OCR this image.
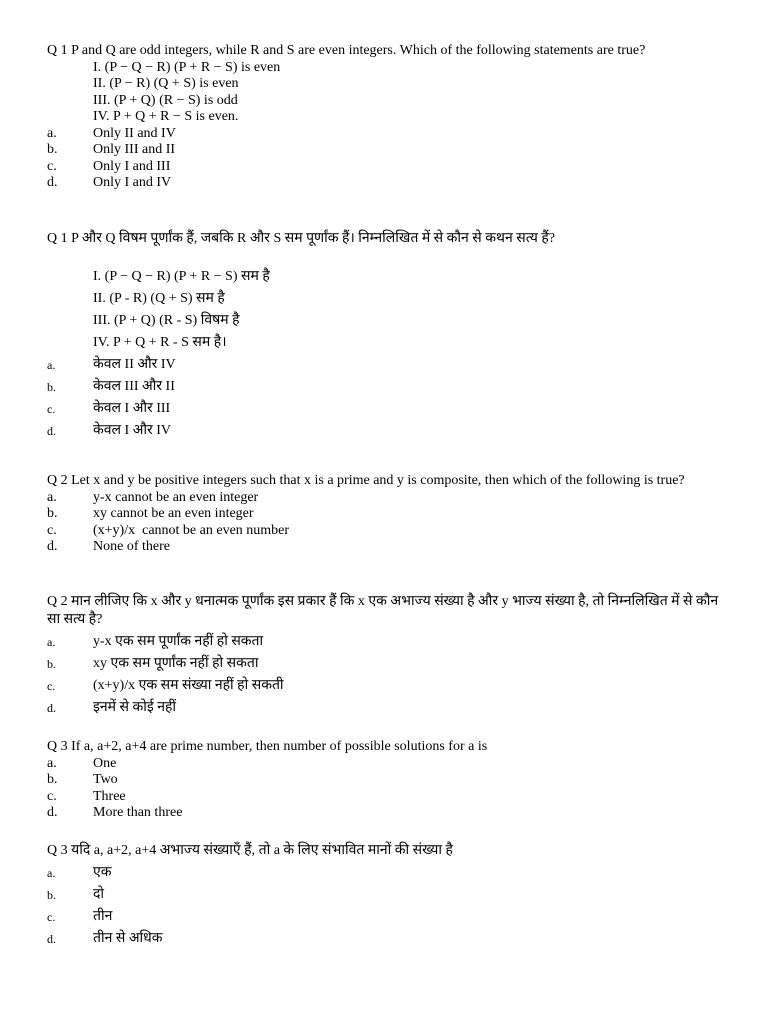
Q 1 P and Q are odd integers, while R and S are even integers. Which of the following statements are true?

I. (P − Q − R) (P + R − S) is even
II. (P − R) (Q + S) is even
III. (P + Q) (R − S) is odd
IV. P + Q + R − S is even.
a.	Only II and IV
b.	Only III and II
c.	Only I and III
d.	Only I and IV

Q 1 P और Q विषम पूर्णांक हैं, जबकि R और S सम पूर्णांक हैं। निम्नलिखित में से कौन से कथन सत्य हैं?

I. (P − Q − R) (P + R − S) सम है
II. (P - R) (Q + S) सम है
III. (P + Q) (R - S) विषम है
IV. P + Q + R - S सम है।
a.	केवल II और IV
b.	केवल III और II
c.	केवल I और III
d.	केवल I और IV

Q 2 Let x and y be positive integers such that x is a prime and y is composite, then which of the following is true?

a.	y-x cannot be an even integer
b.	xy cannot be an even integer
c.	(x+y)/x  cannot be an even number
d.	None of there

Q 2 मान लीजिए कि x और y धनात्मक पूर्णांक इस प्रकार हैं कि x एक अभाज्य संख्या है और y भाज्य संख्या है, तो निम्नलिखित में से कौन सा सत्य है?

a.	y-x एक सम पूर्णांक नहीं हो सकता
b.	xy एक सम पूर्णांक नहीं हो सकता
c.	(x+y)/x एक सम संख्या नहीं हो सकती
d.	इनमें से कोई नहीं

Q 3 If a, a+2, a+4 are prime number, then number of possible solutions for a is

a.	One
b.	Two
c.	Three
d.	More than three

Q 3 यदि a, a+2, a+4 अभाज्य संख्याएँ हैं, तो a के लिए संभावित मानों की संख्या है

a.	एक
b.	दो
c.	तीन
d.	तीन से अधिक
